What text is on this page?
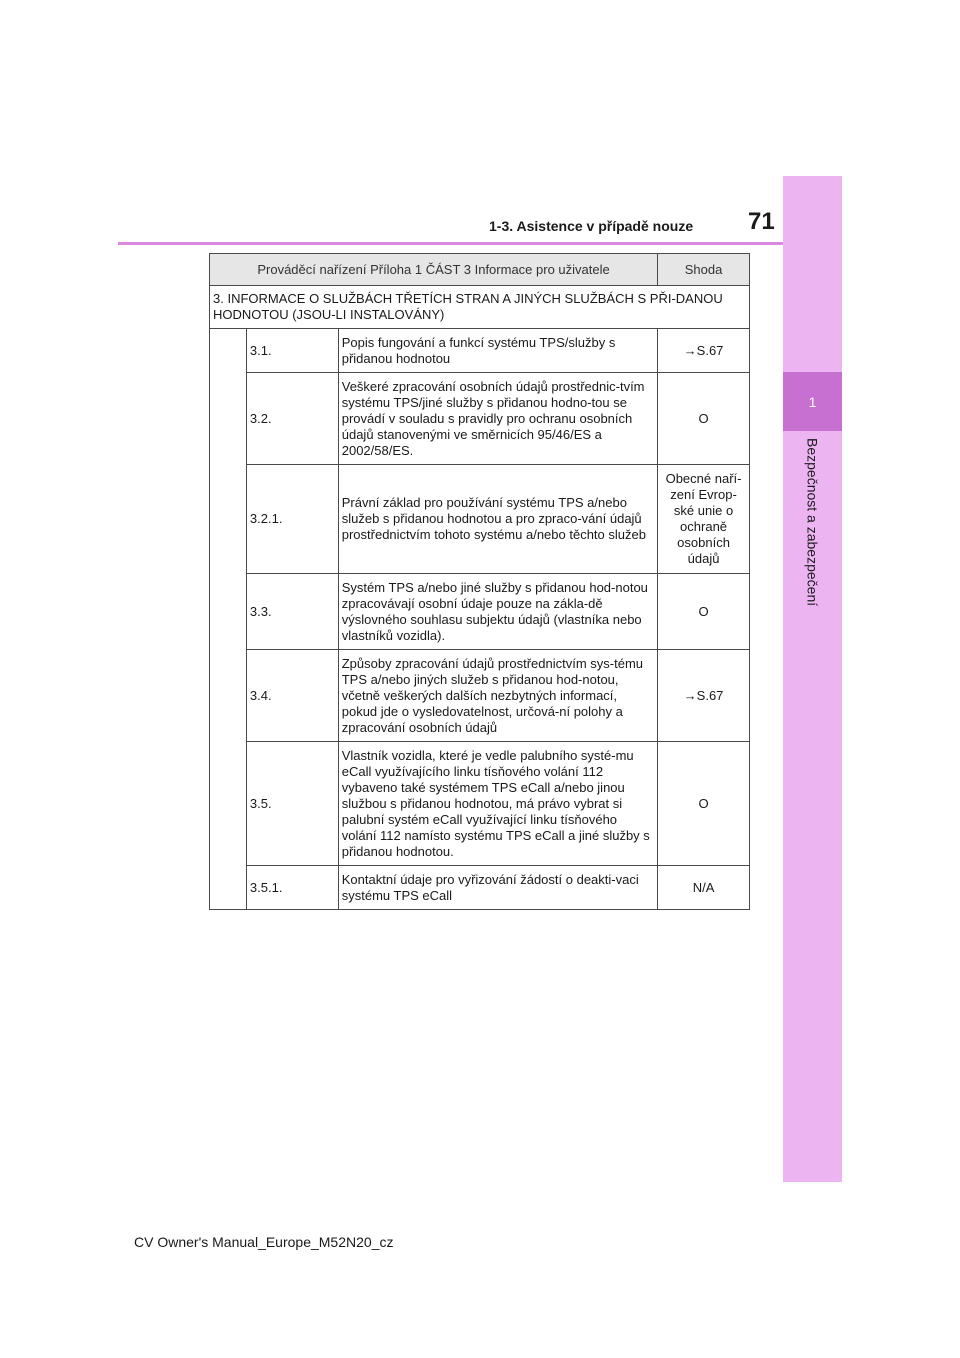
1
Bezpečnost a zabezpečení
1-3. Asistence v případě nouze 71
Prováděcí nařízení Příloha 1 ČÁST 3 Informace pro uživatele			Shoda
3. INFORMACE O SLUŽBÁCH TŘETÍCH STRAN A JINÝCH SLUŽBÁCH S PŘI-DANOU HODNOTOU (JSOU-LI INSTALOVÁNY)			
	3.1.	Popis fungování a funkcí systému TPS/služby s přidanou hodnotou	→S.67
	3.2.	Veškeré zpracování osobních údajů prostřednic-tvím systému TPS/jiné služby s přidanou hodno-tou se provádí v souladu s pravidly pro ochranu osobních údajů stanovenými ve směrnicích 95/46/ES a 2002/58/ES.	O
	3.2.1.	Právní základ pro používání systému TPS a/nebo služeb s přidanou hodnotou a pro zpraco-vání údajů prostřednictvím tohoto systému a/nebo těchto služeb	Obecné naří-zení Evrop-ské unie o ochraně osobních údajů
	3.3.	Systém TPS a/nebo jiné služby s přidanou hod-notou zpracovávají osobní údaje pouze na zákla-dě výslovného souhlasu subjektu údajů (vlastníka nebo vlastníků vozidla).	O
	3.4.	Způsoby zpracování údajů prostřednictvím sys-tému TPS a/nebo jiných služeb s přidanou hod-notou, včetně veškerých dalších nezbytných informací, pokud jde o vysledovatelnost, určová-ní polohy a zpracování osobních údajů	→S.67
	3.5.	Vlastník vozidla, které je vedle palubního systé-mu eCall využívajícího linku tísňového volání 112 vybaveno také systémem TPS eCall a/nebo jinou službou s přidanou hodnotou, má právo vybrat si palubní systém eCall využívající linku tísňového volání 112 namísto systému TPS eCall a jiné služby s přidanou hodnotou.	O
	3.5.1.	Kontaktní údaje pro vyřizování žádostí o deakti-vaci systému TPS eCall	N/A
CV Owner's Manual_Europe_M52N20_cz
